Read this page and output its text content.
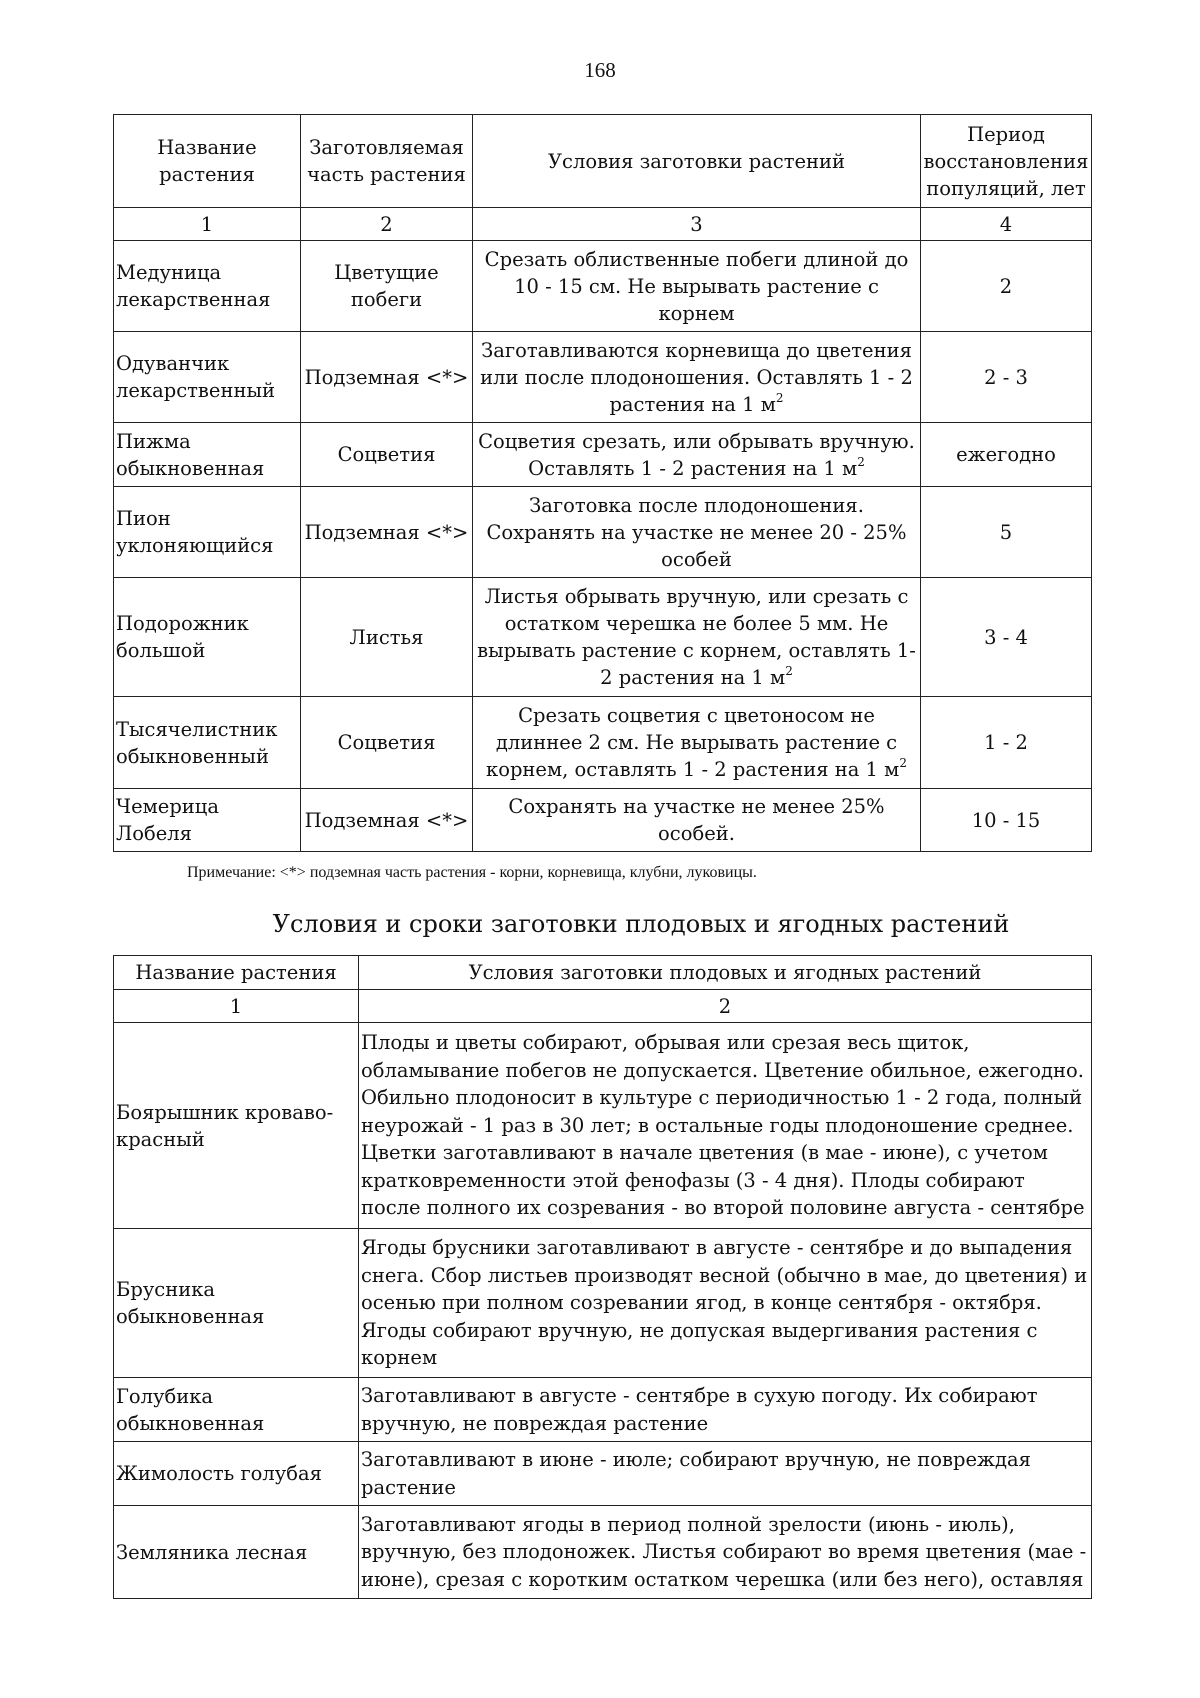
168
Название растения	Заготовляемая часть растения	Условия заготовки растений	Период восстановления популяций, лет
1	2	3	4
Медуница лекарственная	Цветущие побеги	Срезать облиственные побеги длиной до 10 - 15 см. Не вырывать растение с корнем	2
Одуванчик лекарственный	Подземная <*>	Заготавливаются корневища до цветения или после плодоношения. Оставлять 1 - 2 растения на 1 $м^2$	2 - 3
Пижма обыкновенная	Соцветия	Соцветия срезать, или обрывать вручную. Оставлять 1 - 2 растения на 1 $м^2$	ежегодно
Пион уклоняющийся	Подземная <*>	Заготовка после плодоношения. Сохранять на участке не менее 20 - 25% особей	5
Подорожник большой	Листья	Листья обрывать вручную, или срезать с остатком черешка не более 5 мм. Не вырывать растение с корнем, оставлять 1-2 растения на 1 $м^2$	3 - 4
Тысячелистник обыкновенный	Соцветия	Срезать соцветия с цветоносом не длиннее 2 см. Не вырывать растение с корнем, оставлять 1 - 2 растения на 1 $м^2$	1 - 2
Чемерица Лобеля	Подземная <*>	Сохранять на участке не менее 25% особей.	10 - 15
Примечание: <*> подземная часть растения - корни, корневища, клубни, луковицы.
Условия и сроки заготовки плодовых и ягодных растений
Название растения	Условия заготовки плодовых и ягодных растений
1	2
Боярышник кроваво-красный	Плоды и цветы собирают, обрывая или срезая весь щиток, обламывание побегов не допускается. Цветение обильное, ежегодно. Обильно плодоносит в культуре с периодичностью 1 - 2 года, полный неурожай - 1 раз в 30 лет; в остальные годы плодоношение среднее. Цветки заготавливают в начале цветения (в мае - июне), с учетом кратковременности этой фенофазы (3 - 4 дня). Плоды собирают после полного их созревания - во второй половине августа - сентябре
Брусника обыкновенная	Ягоды брусники заготавливают в августе - сентябре и до выпадения снега. Сбор листьев производят весной (обычно в мае, до цветения) и осенью при полном созревании ягод, в конце сентября - октября. Ягоды собирают вручную, не допуская выдергивания растения с корнем
Голубика обыкновенная	Заготавливают в августе - сентябре в сухую погоду. Их собирают вручную, не повреждая растение
Жимолость голубая	Заготавливают в июне - июле; собирают вручную, не повреждая растение
Земляника лесная	Заготавливают ягоды в период полной зрелости (июнь - июль), вручную, без плодоножек. Листья собирают во время цветения (мае - июне), срезая с коротким остатком черешка (или без него), оставляя
